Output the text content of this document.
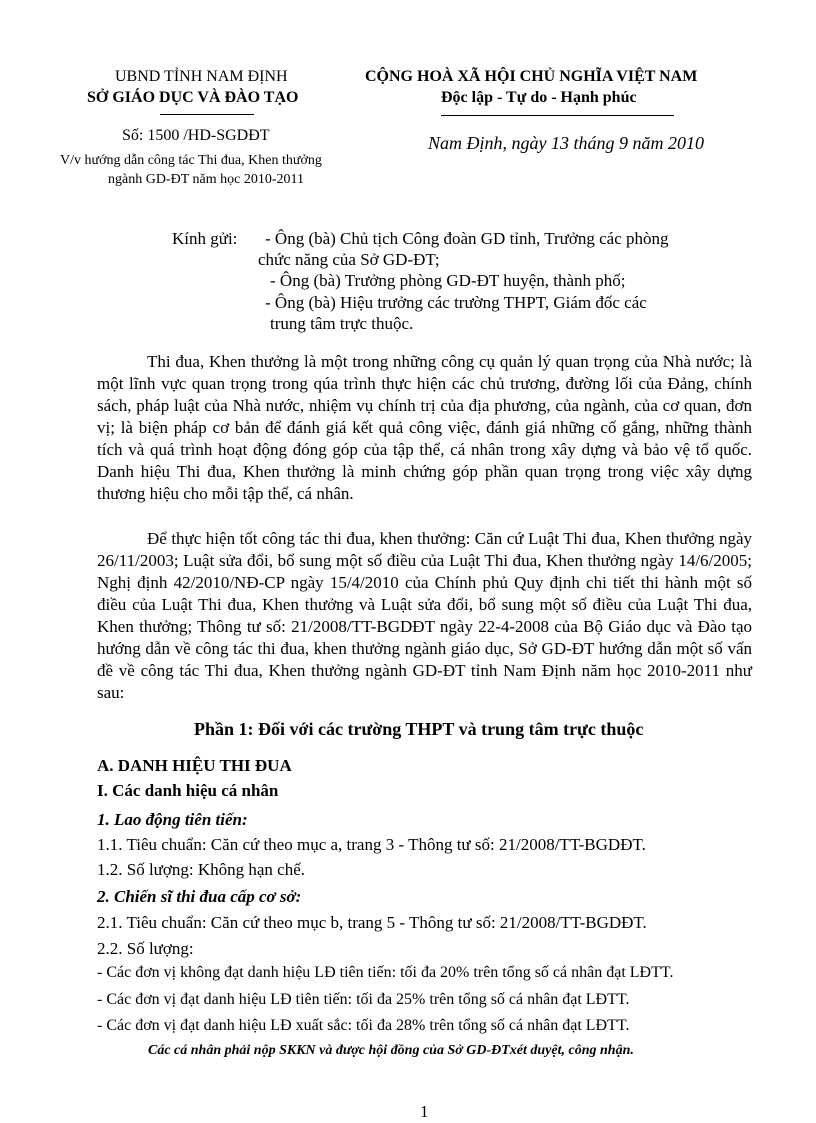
UBND TỈNH NAM ĐỊNH
SỞ GIÁO DỤC VÀ ĐÀO TẠO
Số: 1500 /HD-SGDĐT
V/v hướng dẫn công tác Thi đua, Khen thưởng
ngành GD-ĐT năm học 2010-2011
CỘNG HOÀ XÃ HỘI CHỦ NGHĨA VIỆT NAM
Độc lập - Tự do - Hạnh phúc
Nam Định, ngày 13 tháng 9 năm 2010
Kính gửi: - Ông (bà) Chủ tịch Công đoàn GD tỉnh, Trưởng các phòng
chức năng của Sở GD-ĐT;
- Ông (bà) Trưởng phòng GD-ĐT huyện, thành phố;
- Ông (bà) Hiệu trưởng các trường THPT, Giám đốc các
trung tâm trực thuộc.

Thi đua, Khen thưởng là một trong những công cụ quản lý quan trọng của Nhà nước; là một lĩnh vực quan trọng trong qúa trình thực hiện các chủ trương, đường lối của Đảng, chính sách, pháp luật của Nhà nước, nhiệm vụ chính trị của địa phương, của ngành, của cơ quan, đơn vị; là biện pháp cơ bản để đánh giá kết quả công việc, đánh giá những cố gắng, những thành tích và quá trình hoạt động đóng góp của tập thể, cá nhân trong xây dựng và bảo vệ tổ quốc. Danh hiệu Thi đua, Khen thưởng là minh chứng góp phần quan trọng trong việc xây dựng thương hiệu cho mỗi tập thể, cá nhân.

Để thực hiện tốt công tác thi đua, khen thưởng: Căn cứ Luật Thi đua, Khen thưởng ngày 26/11/2003; Luật sửa đổi, bổ sung một số điều của Luật Thi đua, Khen thưởng ngày 14/6/2005; Nghị định 42/2010/NĐ-CP ngày 15/4/2010 của Chính phủ Quy định chi tiết thi hành một số điều của Luật Thi đua, Khen thưởng và Luật sửa đổi, bổ sung một số điều của Luật Thi đua, Khen thưởng; Thông tư số: 21/2008/TT-BGDĐT ngày 22-4-2008 của Bộ Giáo dục và Đào tạo hướng dẫn về công tác thi đua, khen thưởng ngành giáo dục, Sở GD-ĐT hướng dẫn một số vấn đề về công tác Thi đua, Khen thưởng ngành GD-ĐT tỉnh Nam Định năm học 2010-2011 như sau:

Phần 1: Đối với các trường THPT và trung tâm trực thuộc
A. DANH HIỆU THI ĐUA
I. Các danh hiệu cá nhân
1. Lao động tiên tiến:
1.1. Tiêu chuẩn: Căn cứ theo mục a, trang 3 - Thông tư số: 21/2008/TT-BGDĐT.
1.2. Số lượng: Không hạn chế.
2. Chiến sĩ thi đua cấp cơ sở:
2.1. Tiêu chuẩn: Căn cứ theo mục b, trang 5 - Thông tư số: 21/2008/TT-BGDĐT.
2.2. Số lượng:
- Các đơn vị không đạt danh hiệu LĐ tiên tiến: tối đa 20% trên tổng số cá nhân đạt LĐTT.
- Các đơn vị đạt danh hiệu LĐ tiên tiến: tối đa 25% trên tổng số cá nhân đạt LĐTT.
- Các đơn vị đạt danh hiệu LĐ xuất sắc: tối đa 28% trên tổng số cá nhân đạt LĐTT.
Các cá nhân phải nộp SKKN và được hội đồng của Sở GD-ĐTxét duyệt, công nhận.
1
